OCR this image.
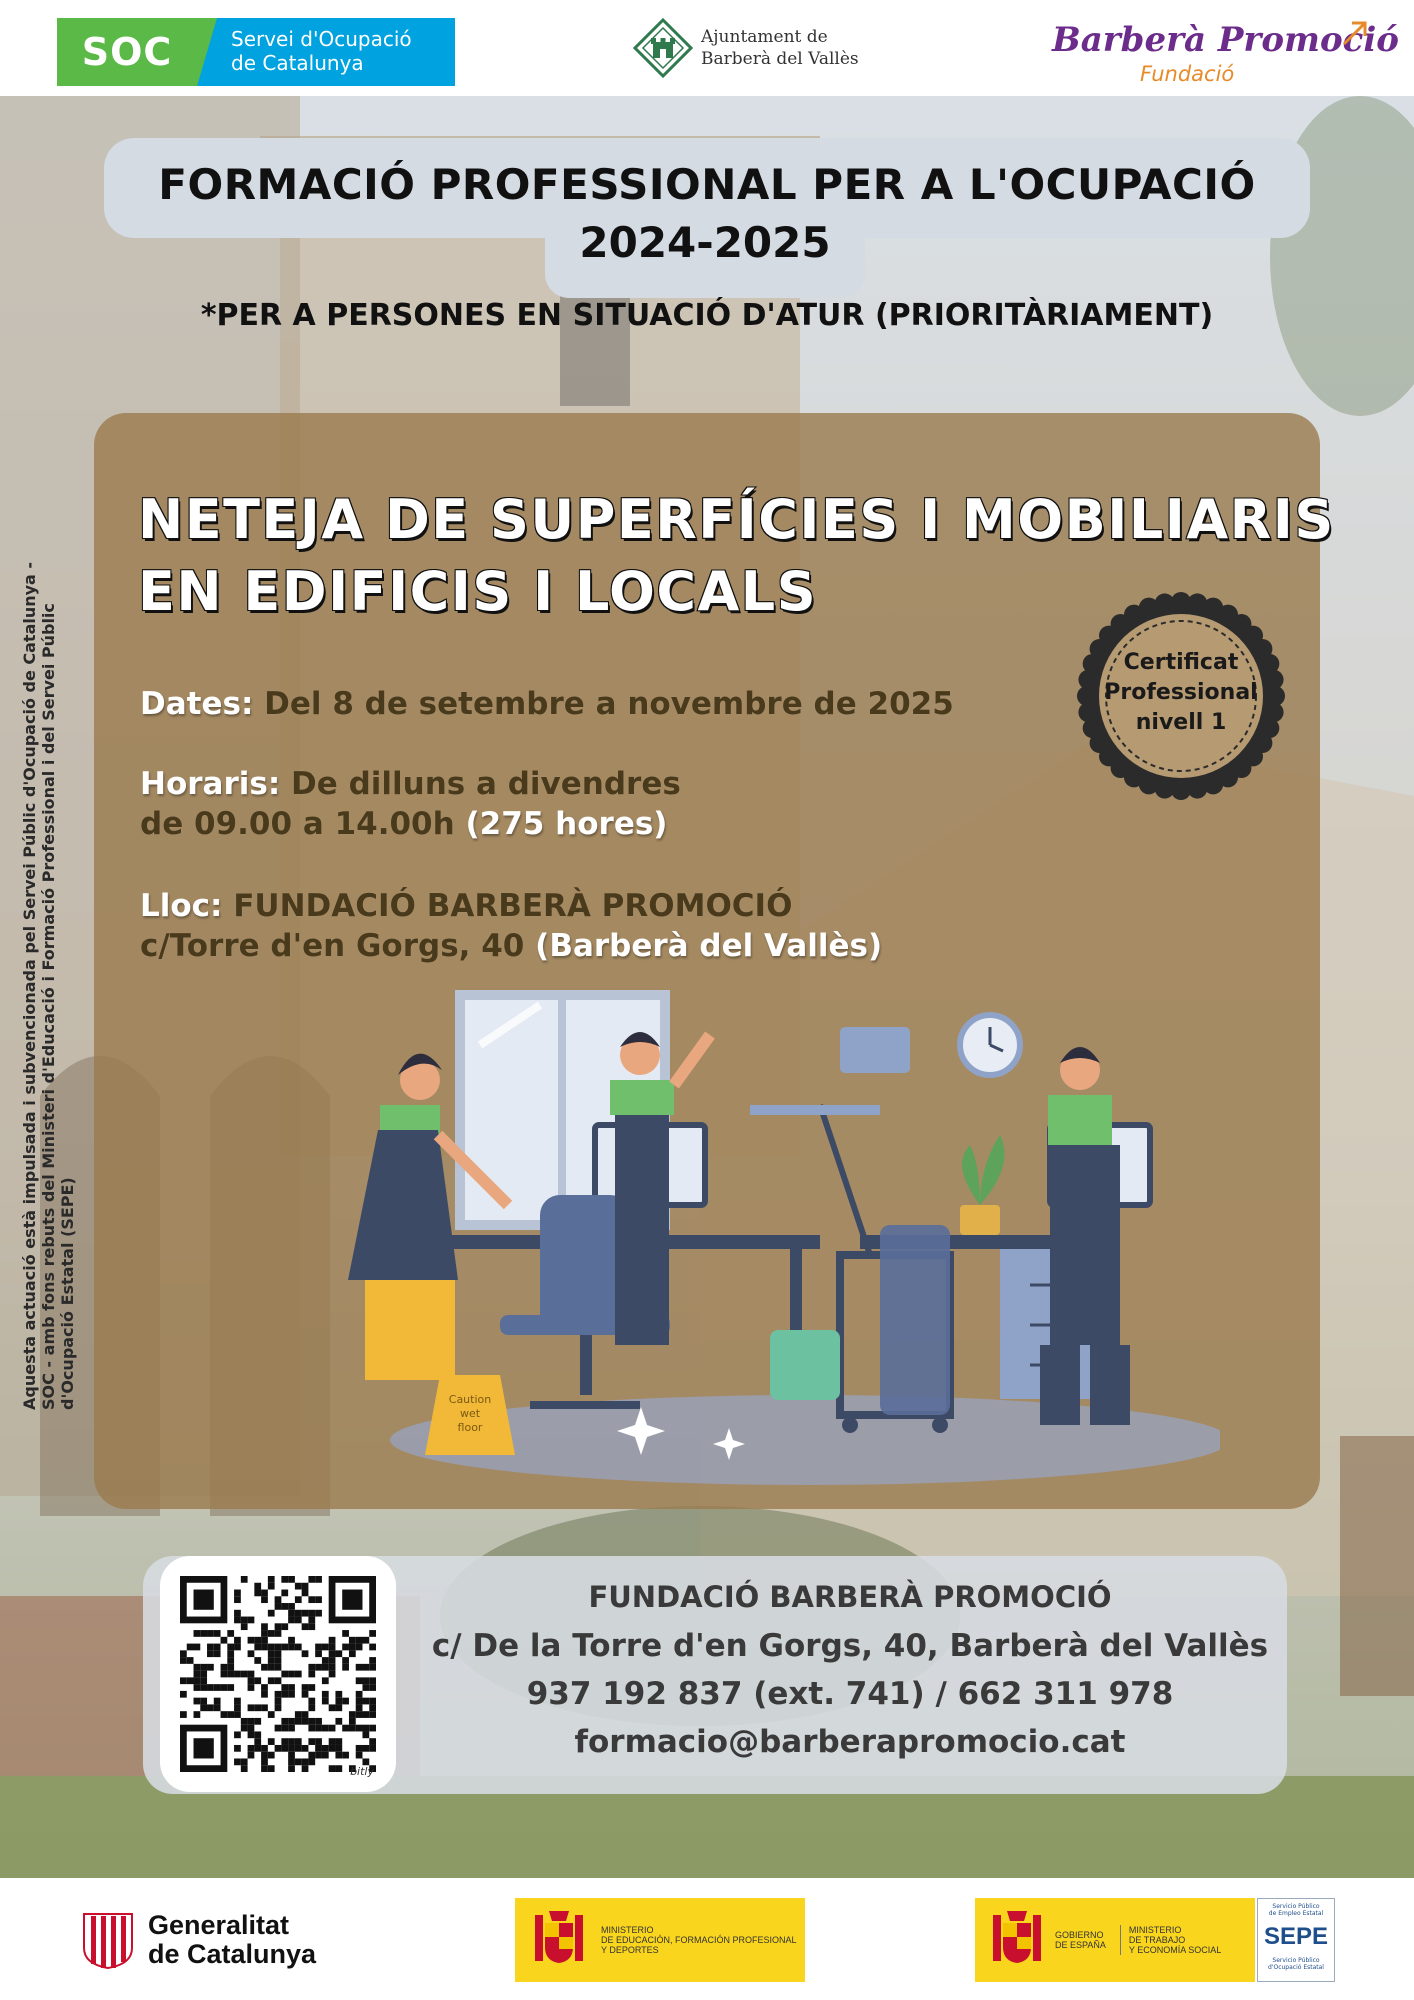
SOC	Servei d'Ocupació
de Catalunya
Ajuntament de
Barberà del Vallès	Barberà Promoció
Fundació
FORMACIÓ PROFESSIONAL PER A L'OCUPACIÓ
2024-2025
*PER A PERSONES EN SITUACIÓ D'ATUR (PRIORITÀRIAMENT)
NETEJA DE SUPERFÍCIES I MOBILIARIS
EN EDIFICIS I LOCALS
Dates: Del 8 de setembre a novembre de 2025
Horaris: De dilluns a divendres
de 09.00 a 14.00h (275 hores)
Lloc: FUNDACIÓ BARBERÀ PROMOCIÓ
c/Torre d'en Gorgs, 40 (Barberà del Vallès)
Certificat
Professional
nivell 1
Caution
wet
floor
bitly
FUNDACIÓ BARBERÀ PROMOCIÓ
c/ De la Torre d'en Gorgs, 40, Barberà del Vallès
937 192 837 (ext. 741) / 662 311 978
formacio@barberapromocio.cat
Aquesta actuació està impulsada i subvencionada pel Servei Públic d'Ocupació de Catalunya - SOC - amb fons rebuts del Ministeri d'Educació i Formació Professional i del Servei Públic d'Ocupació Estatal (SEPE)
Generalitat
de Catalunya
MINISTERIO
DE EDUCACIÓN, FORMACIÓN PROFESIONAL
Y DEPORTES
GOBIERNO
DE ESPAÑA
MINISTERIO
DE TRABAJO
Y ECONOMÍA SOCIAL
Servicio Público
de Empleo Estatal
SEPE
Servicio Público
d'Ocupació Estatal
